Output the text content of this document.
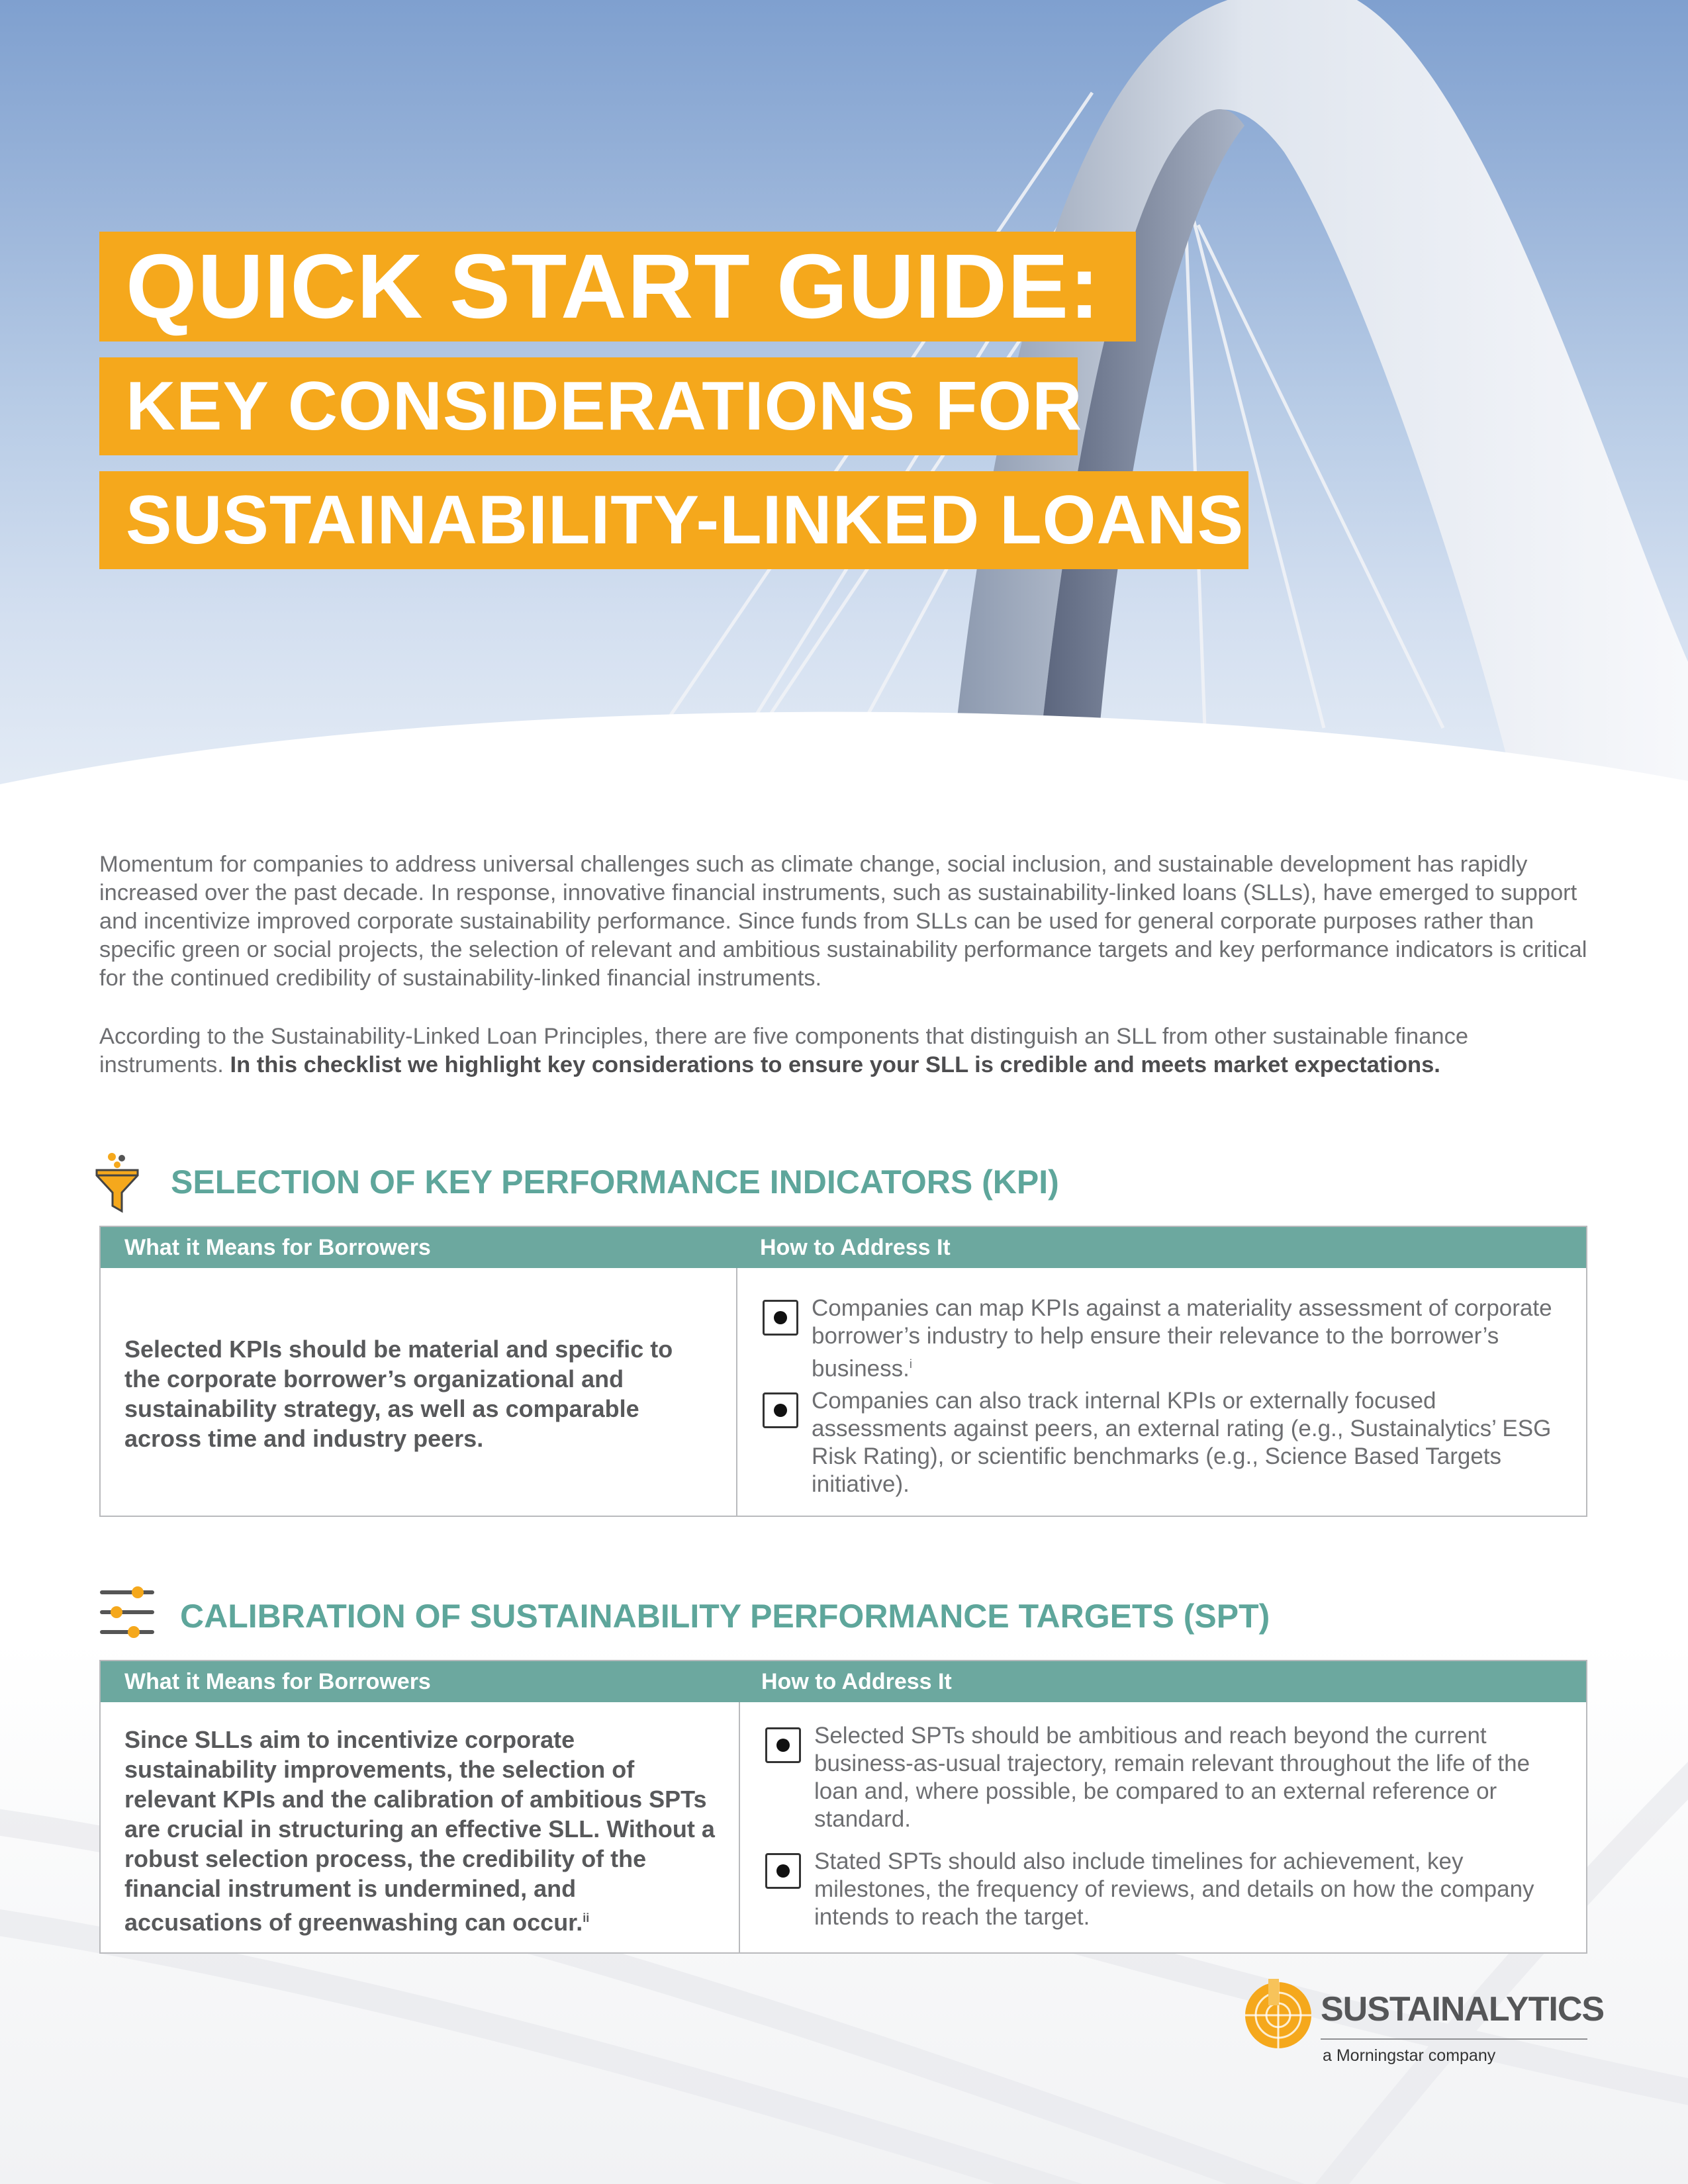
QUICK START GUIDE:
KEY CONSIDERATIONS FOR
SUSTAINABILITY-LINKED LOANS

Momentum for companies to address universal challenges such as climate change, social inclusion, and sustainable development has rapidly increased over the past decade. In response, innovative financial instruments, such as sustainability-linked loans (SLLs), have emerged to support and incentivize improved corporate sustainability performance. Since funds from SLLs can be used for general corporate purposes rather than specific green or social projects, the selection of relevant and ambitious sustainability performance targets and key performance indicators is critical for the continued credibility of sustainability-linked financial instruments.

According to the Sustainability-Linked Loan Principles, there are five components that distinguish an SLL from other sustainable finance instruments. In this checklist we highlight key considerations to ensure your SLL is credible and meets market expectations.

SELECTION OF KEY PERFORMANCE INDICATORS (KPI)
What it Means for Borrowers	How to Address It
Selected KPIs should be material and specific to the corporate borrower’s organizational and sustainability strategy, as well as comparable across time and industry peers.
Companies can map KPIs against a materiality assessment of corporate borrower’s industry to help ensure their relevance to the borrower’s business.$^i$
Companies can also track internal KPIs or externally focused assessments against peers, an external rating (e.g., Sustainalytics’ ESG Risk Rating), or scientific benchmarks (e.g., Science Based Targets initiative).
CALIBRATION OF SUSTAINABILITY PERFORMANCE TARGETS (SPT)
What it Means for Borrowers	How to Address It
Since SLLs aim to incentivize corporate sustainability improvements, the selection of relevant KPIs and the calibration of ambitious SPTs are crucial in structuring an effective SLL. Without a robust selection process, the credibility of the financial instrument is undermined, and accusations of greenwashing can occur.$^{ii}$
Selected SPTs should be ambitious and reach beyond the current business-as-usual trajectory, remain relevant throughout the life of the loan and, where possible, be compared to an external reference or standard.
Stated SPTs should also include timelines for achievement, key milestones, the frequency of reviews, and details on how the company intends to reach the target.
SUSTAINALYTICS
a Morningstar company
